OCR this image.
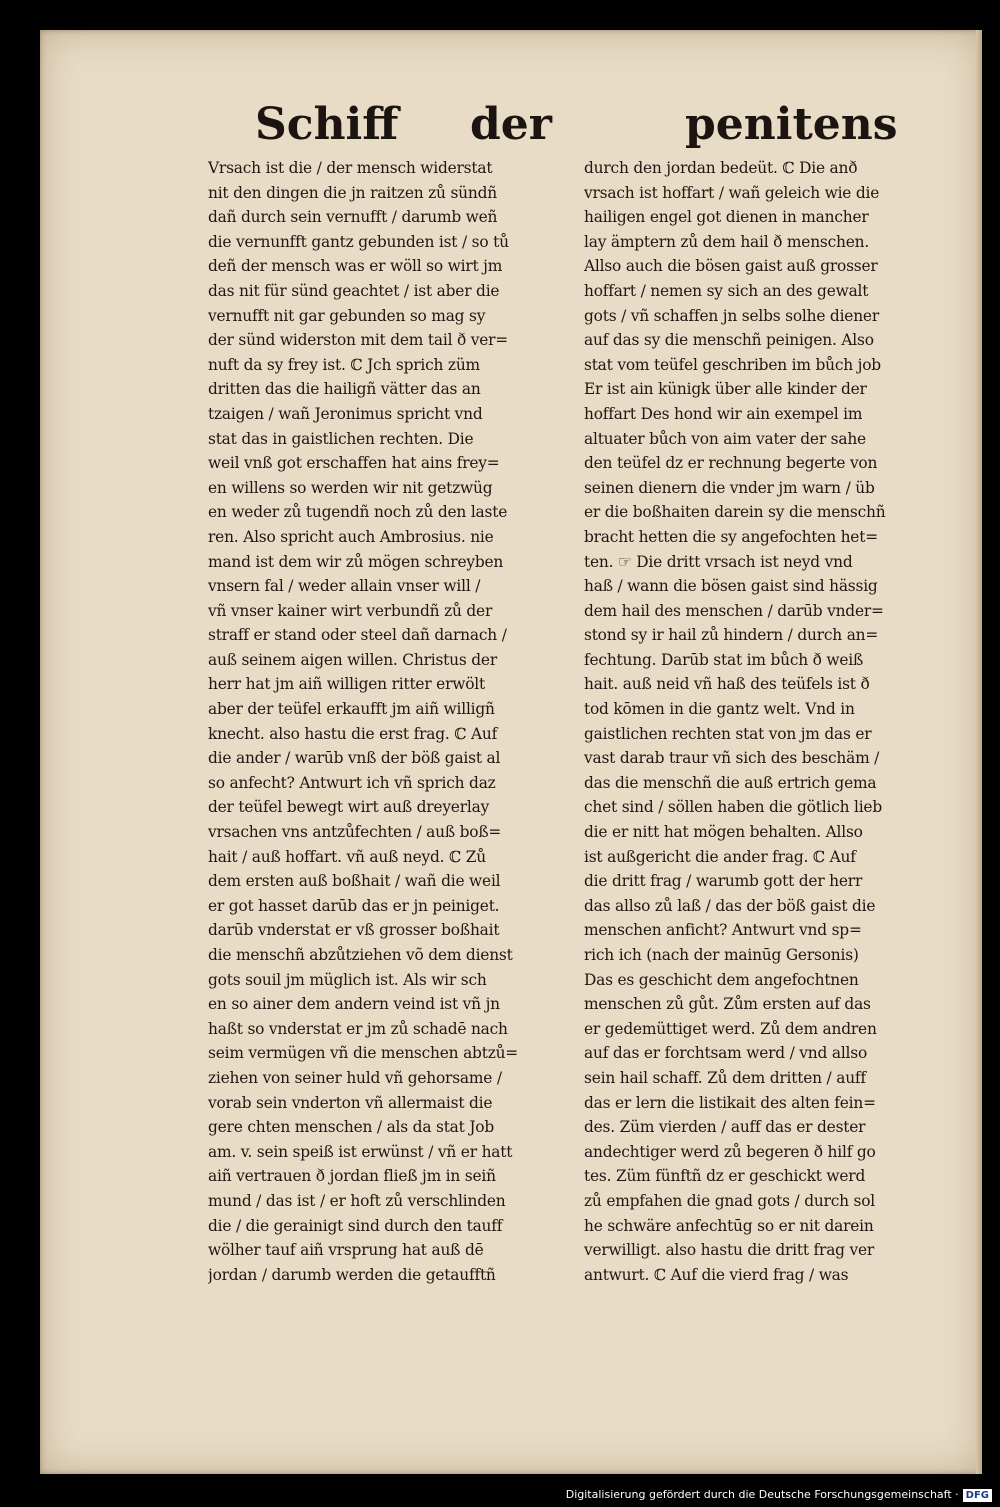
Schiff der	penitens
Vrsach ist die / der mensch widerstat
nit den dingen die jn raitzen zů sündñ
dañ durch sein vernufft / darumb weñ
die vernunfft gantz gebunden ist / so tů
deñ der mensch was er wöll so wirt jm
das nit für sünd geachtet / ist aber die
vernufft nit gar gebunden so mag sy
der sünd widerston mit dem tail ð ver=
nuft da sy frey ist. ℂ Jch sprich züm
dritten das die hailigñ vätter das an
tzaigen / wañ Jeronimus spricht vnd
stat das in gaistlichen rechten. Die
weil vnß got erschaffen hat ains frey=
en willens so werden wir nit getzwüg
en weder zů tugendñ noch zů den laste
ren. Also spricht auch Ambrosius. nie
mand ist dem wir zů mögen schreyben
vnsern fal / weder allain vnser will /
vñ vnser kainer wirt verbundñ zů der
straff er stand oder steel dañ darnach /
auß seinem aigen willen. Christus der
herr hat jm aiñ willigen ritter erwölt
aber der teüfel erkaufft jm aiñ willigñ
knecht. also hastu die erst frag. ℂ Auf
die ander / warūb vnß der böß gaist al
so anfecht? Antwurt ich vñ sprich daz
der teüfel bewegt wirt auß dreyerlay
vrsachen vns antzůfechten / auß boß=
hait / auß hoffart. vñ auß neyd. ℂ Zů
dem ersten auß boßhait / wañ die weil
er got hasset darūb das er jn peiniget.
darūb vnderstat er vß grosser boßhait
die menschñ abzůtziehen võ dem dienst
gots souil jm müglich ist. Als wir sch
en so ainer dem andern veind ist vñ jn
haßt so vnderstat er jm zů schadē nach
seim vermügen vñ die menschen abtzů=
ziehen von seiner huld vñ gehorsame /
vorab sein vnderton vñ allermaist die
gere chten menschen / als da stat Job
am. v. sein speiß ist erwünst / vñ er hatt
aiñ vertrauen ð jordan fließ jm in seiñ
mund / das ist / er hoft zů verschlinden
die / die gerainigt sind durch den tauff
wölher tauf aiñ vrsprung hat auß dē
jordan / darumb werden die getaufftñ
durch den jordan bedeüt. ℂ Die anð
vrsach ist hoffart / wañ geleich wie die
hailigen engel got dienen in mancher
lay ämptern zů dem hail ð menschen.
Allso auch die bösen gaist auß grosser
hoffart / nemen sy sich an des gewalt
gots / vñ schaffen jn selbs solhe diener
auf das sy die menschñ peinigen. Also
stat vom teüfel geschriben im bůch job
Er ist ain künigk über alle kinder der
hoffart Des hond wir ain exempel im
altuater bůch von aim vater der sahe
den teüfel dz er rechnung begerte von
seinen dienern die vnder jm warn / üb
er die boßhaiten darein sy die menschñ
bracht hetten die sy angefochten het=
ten. ☞ Die dritt vrsach ist neyd vnd
haß / wann die bösen gaist sind hässig
dem hail des menschen / darūb vnder=
stond sy ir hail zů hindern / durch an=
fechtung. Darūb stat im bůch ð weiß
hait. auß neid vñ haß des teüfels ist ð
tod kōmen in die gantz welt. Vnd in
gaistlichen rechten stat von jm das er
vast darab traur vñ sich des beschäm /
das die menschñ die auß ertrich gema
chet sind / söllen haben die götlich lieb
die er nitt hat mögen behalten. Allso
ist außgericht die ander frag. ℂ Auf
die dritt frag / warumb gott der herr
das allso zů laß / das der böß gaist die
menschen anficht? Antwurt vnd sp=
rich ich (nach der mainūg Gersonis)
Das es geschicht dem angefochtnen
menschen zů gůt. Zům ersten auf das
er gedemüttiget werd. Zů dem andren
auf das er forchtsam werd / vnd allso
sein hail schaff. Zů dem dritten / auff
das er lern die listikait des alten fein=
des. Züm vierden / auff das er dester
andechtiger werd zů begeren ð hilf go
tes. Züm fünftñ dz er geschickt werd
zů empfahen die gnad gots / durch sol
he schwäre anfechtūg so er nit darein
verwilligt. also hastu die dritt frag ver
antwurt. ℂ Auf die vierd frag / was
Digitalisierung gefördert durch die Deutsche Forschungsgemeinschaft · DFG
